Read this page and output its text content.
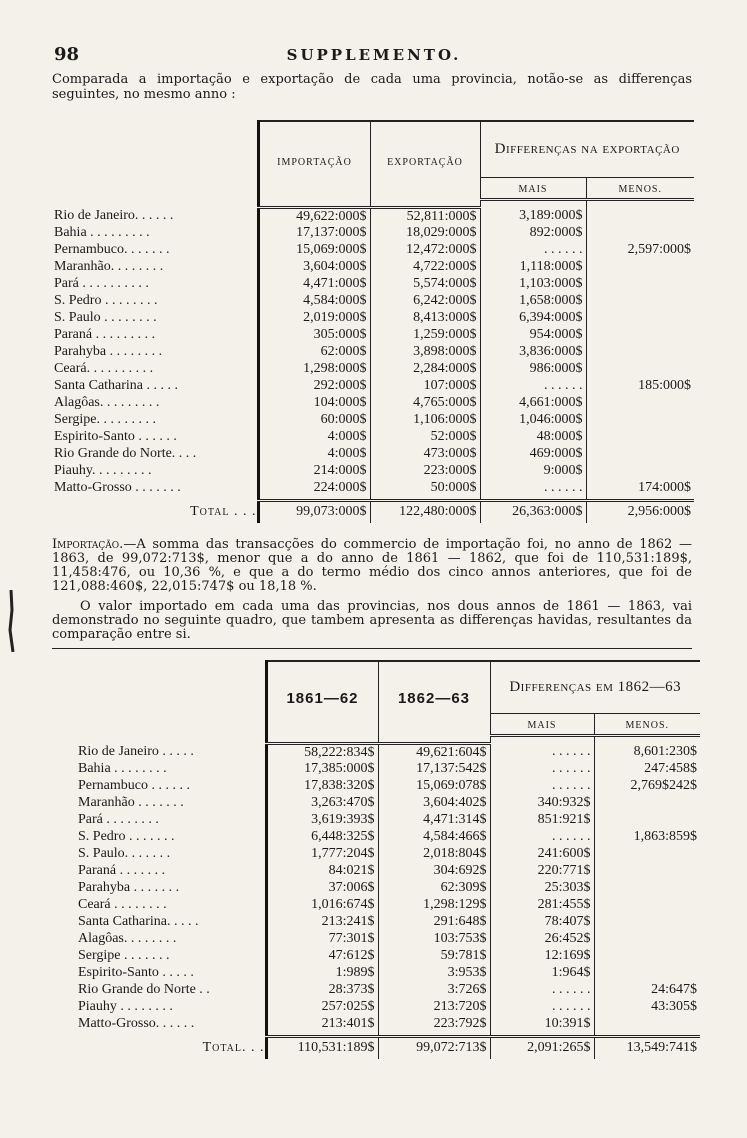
98	SUPPLEMENTO.
Comparada a importação e exportação de cada uma provincia, notão-se as differenças seguintes, no mesmo anno :
	IMPORTAÇÃO	EXPORTAÇÃO	Differenças na exportação	
			MAIS	MENOS.

Rio de Janeiro. . . . . .	49,622:000$	52,811:000$	3,189:000$	
Bahia . . . . . . . . .	17,137:000$	18,029:000$	892:000$	
Pernambuco. . . . . . .	15,069:000$	12,472:000$	. . . . . .	2,597:000$
Maranhão. . . . . . . .	3,604:000$	4,722:000$	1,118:000$	
Pará . . . . . . . . . .	4,471:000$	5,574:000$	1,103:000$	
S. Pedro . . . . . . . .	4,584:000$	6,242:000$	1,658:000$	
S. Paulo . . . . . . . .	2,019:000$	8,413:000$	6,394:000$	
Paraná . . . . . . . . .	305:000$	1,259:000$	954:000$	
Parahyba . . . . . . . .	62:000$	3,898:000$	3,836:000$	
Ceará. . . . . . . . . .	1,298:000$	2,284:000$	986:000$	
Santa Catharina . . . . .	292:000$	107:000$	. . . . . .	185:000$
Alagôas. . . . . . . . .	104:000$	4,765:000$	4,661:000$	
Sergipe. . . . . . . . .	60:000$	1,106:000$	1,046:000$	
Espirito-Santo . . . . . .	4:000$	52:000$	48:000$	
Rio Grande do Norte. . . .	4:000$	473:000$	469:000$	
Piauhy. . . . . . . . .	214:000$	223:000$	9:000$	
Matto-Grosso . . . . . . .	224:000$	50:000$	. . . . . .	174:000$

Total . . .	99,073:000$	122,480:000$	26,363:000$	2,956:000$
Importação.—A somma das transacções do commercio de importação foi, no anno de 1862 — 1863, de 99,072:713$, menor que a do anno de 1861 — 1862, que foi de 110,531:189$, 11,458:476, ou 10,36 %, e que a do termo médio dos cinco annos anteriores, que foi de 121,088:460$, 22,015:747$ ou 18,18 %.
O valor importado em cada uma das provincias, nos dous annos de 1861 — 1863, vai demonstrado no seguinte quadro, que tambem apresenta as differenças havidas, resultantes da comparação entre si.
	1861—62	1862—63	Differenças em 1862—63	
			MAIS	MENOS.

Rio de Janeiro . . . . .	58,222:834$	49,621:604$	. . . . . .	8,601:230$
Bahia . . . . . . . .	17,385:000$	17,137:542$	. . . . . .	247:458$
Pernambuco . . . . . .	17,838:320$	15,069:078$	. . . . . .	2,769$242$
Maranhão . . . . . . .	3,263:470$	3,604:402$	340:932$	
Pará . . . . . . . .	3,619:393$	4,471:314$	851:921$	
S. Pedro . . . . . . .	6,448:325$	4,584:466$	. . . . . .	1,863:859$
S. Paulo. . . . . . .	1,777:204$	2,018:804$	241:600$	
Paraná . . . . . . .	84:021$	304:692$	220:771$	
Parahyba . . . . . . .	37:006$	62:309$	25:303$	
Ceará . . . . . . . .	1,016:674$	1,298:129$	281:455$	
Santa Catharina. . . . .	213:241$	291:648$	78:407$	
Alagôas. . . . . . . .	77:301$	103:753$	26:452$	
Sergipe . . . . . . .	47:612$	59:781$	12:169$	
Espirito-Santo . . . . .	1:989$	3:953$	1:964$	
Rio Grande do Norte . .	28:373$	3:726$	. . . . . .	24:647$
Piauhy . . . . . . . .	257:025$	213:720$	. . . . . .	43:305$
Matto-Grosso. . . . . .	213:401$	223:792$	10:391$	

Total. . .	110,531:189$	99,072:713$	2,091:265$	13,549:741$
